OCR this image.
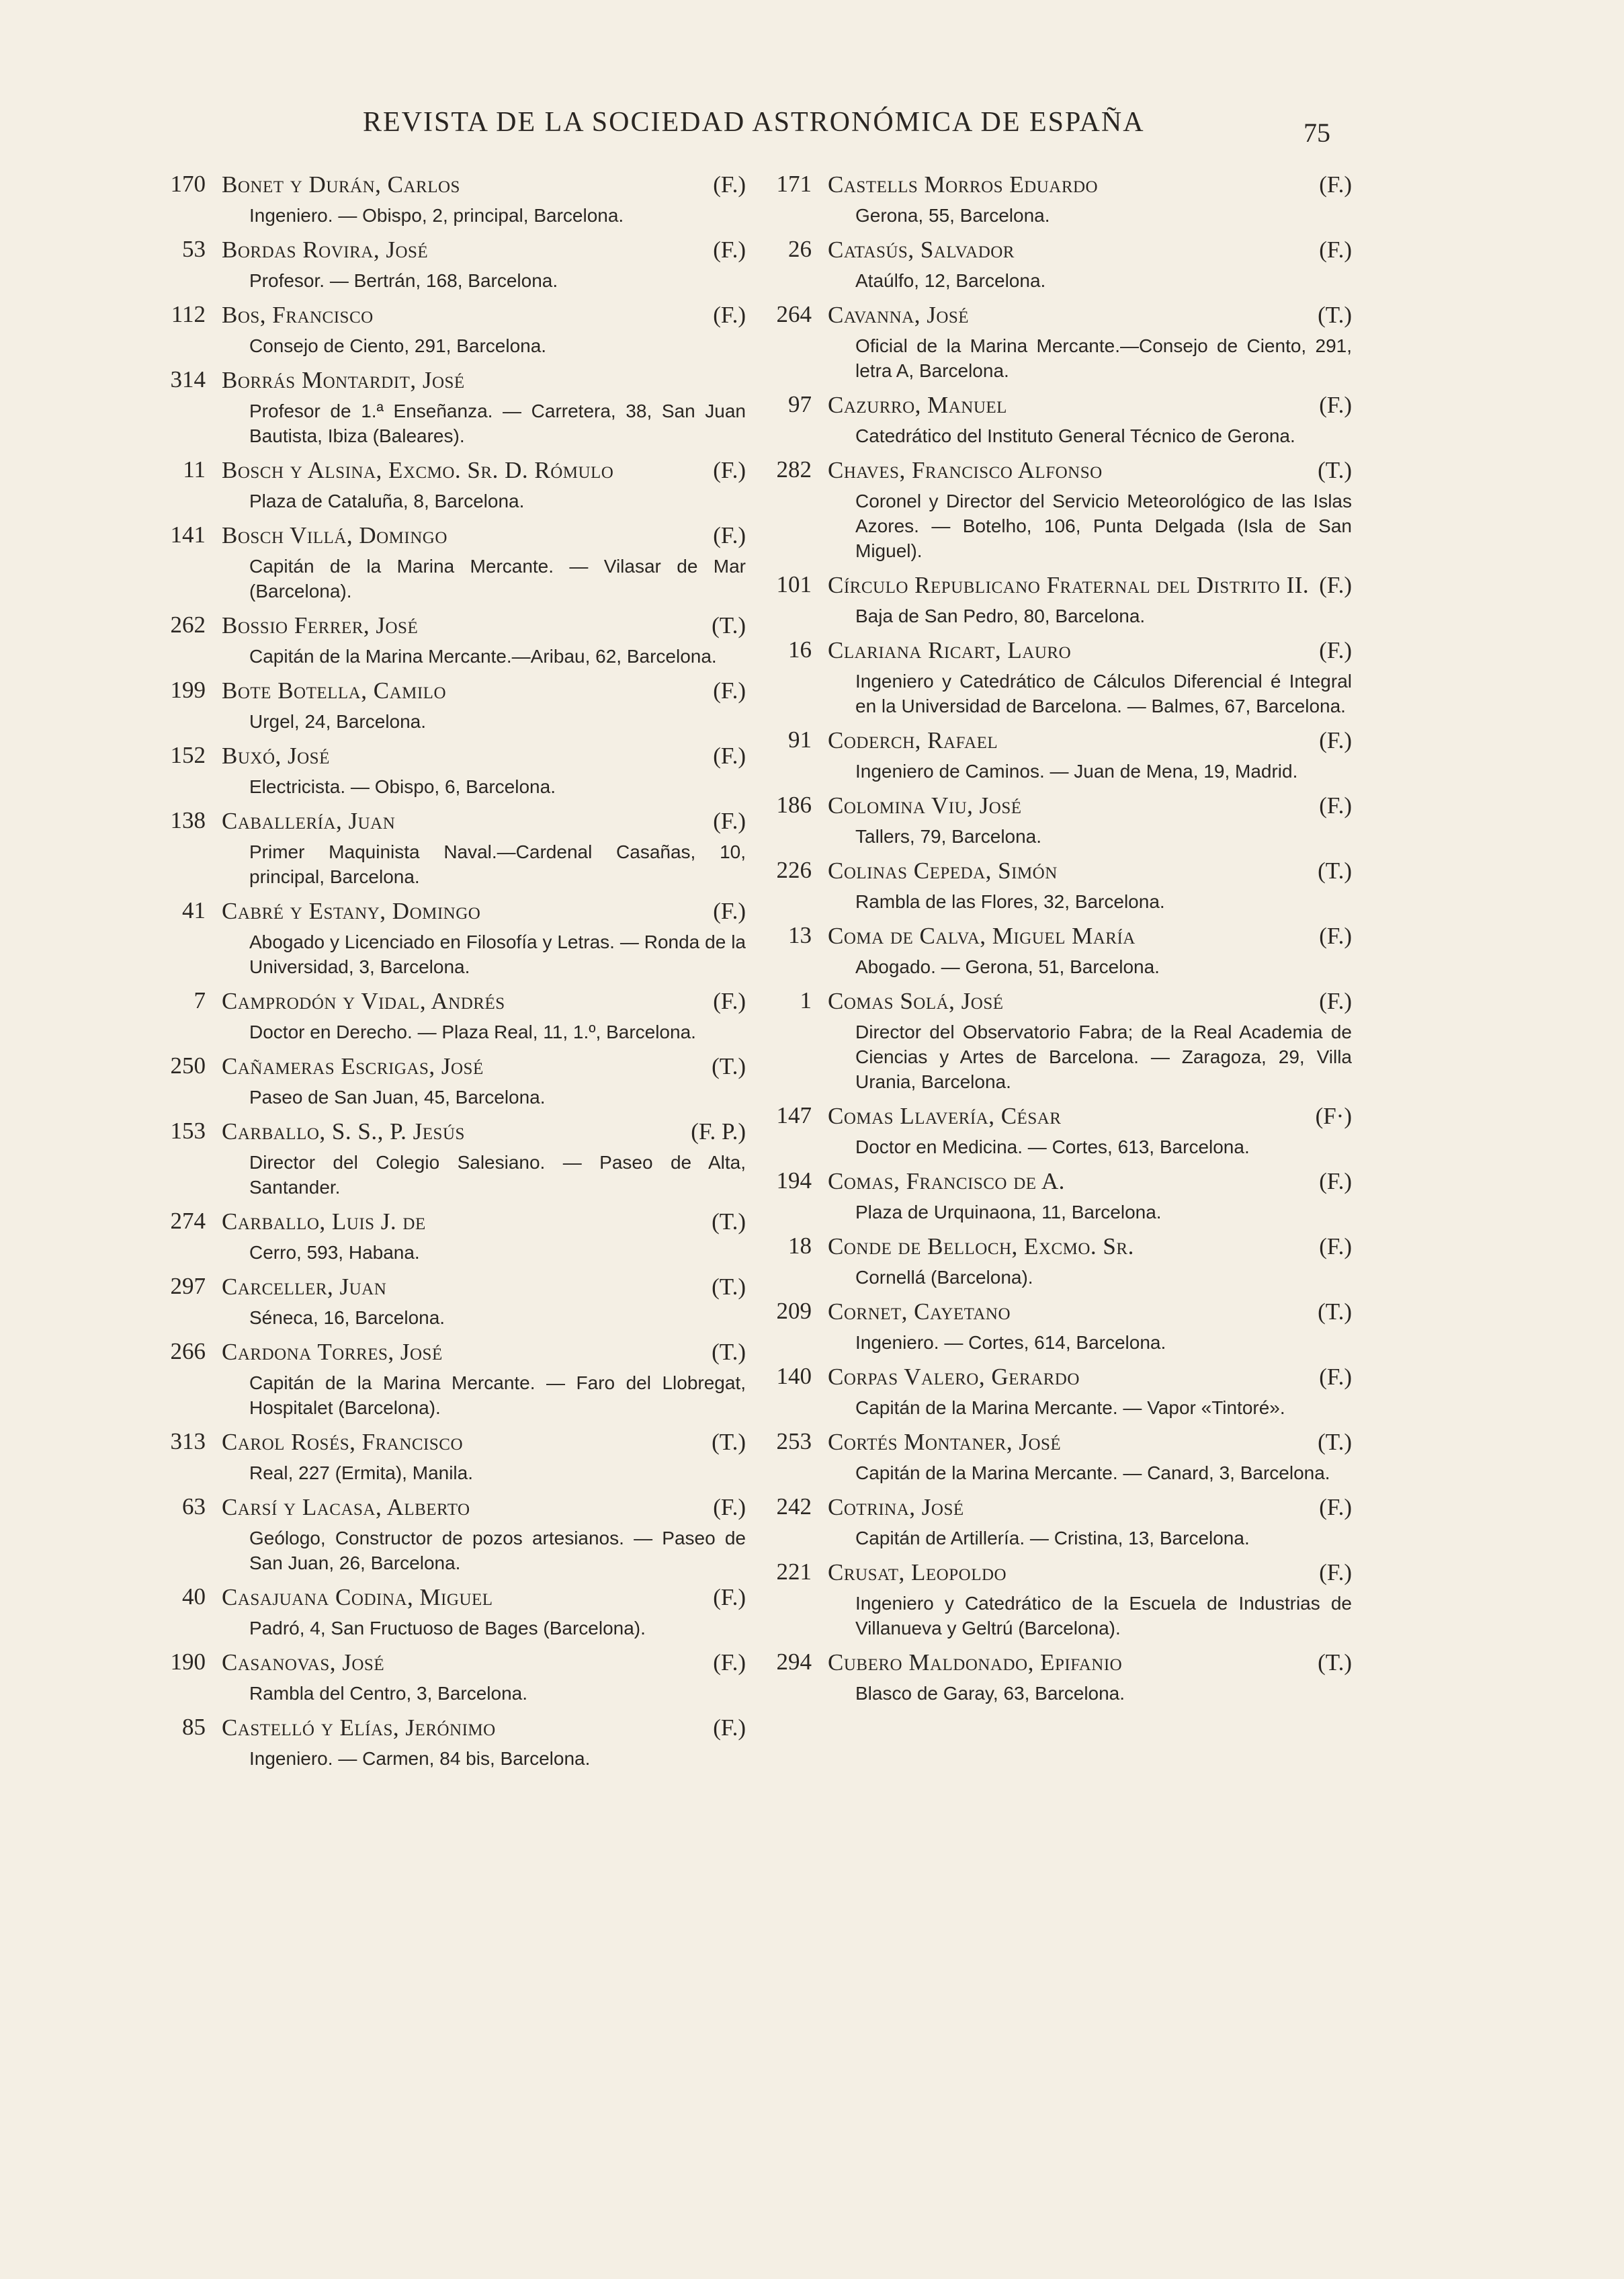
REVISTA DE LA SOCIEDAD ASTRONÓMICA DE ESPAÑA	75
170 Bonet y Durán, Carlos	(F.)
Ingeniero. — Obispo, 2, principal, Barcelona.
53 Bordas Rovira, José	(F.)
Profesor. — Bertrán, 168, Barcelona.
112 Bos, Francisco	(F.)
Consejo de Ciento, 291, Barcelona.
314 Borrás Montardit, José
Profesor de 1.ª Enseñanza. — Carretera, 38, San Juan Bautista, Ibiza (Baleares).
11 Bosch y Alsina, Excmo. Sr. D. Rómulo	(F.)
Plaza de Cataluña, 8, Barcelona.
141 Bosch Villá, Domingo	(F.)
Capitán de la Marina Mercante. — Vilasar de Mar (Barcelona).
262 Bossio Ferrer, José	(T.)
Capitán de la Marina Mercante.—Aribau, 62, Barcelona.
199 Bote Botella, Camilo	(F.)
Urgel, 24, Barcelona.
152 Buxó, José	(F.)
Electricista. — Obispo, 6, Barcelona.
138 Caballería, Juan	(F.)
Primer Maquinista Naval.—Cardenal Casañas, 10, principal, Barcelona.
41 Cabré y Estany, Domingo	(F.)
Abogado y Licenciado en Filosofía y Letras. — Ronda de la Universidad, 3, Barcelona.
7 Camprodón y Vidal, Andrés	(F.)
Doctor en Derecho. — Plaza Real, 11, 1.º, Barcelona.
250 Cañameras Escrigas, José	(T.)
Paseo de San Juan, 45, Barcelona.
153 Carballo, S. S., P. Jesús	(F. P.)
Director del Colegio Salesiano. — Paseo de Alta, Santander.
274 Carballo, Luis J. de	(T.)
Cerro, 593, Habana.
297 Carceller, Juan	(T.)
Séneca, 16, Barcelona.
266 Cardona Torres, José	(T.)
Capitán de la Marina Mercante. — Faro del Llobregat, Hospitalet (Barcelona).
313 Carol Rosés, Francisco	(T.)
Real, 227 (Ermita), Manila.
63 Carsí y Lacasa, Alberto	(F.)
Geólogo, Constructor de pozos artesianos. — Paseo de San Juan, 26, Barcelona.
40 Casajuana Codina, Miguel	(F.)
Padró, 4, San Fructuoso de Bages (Barcelona).
190 Casanovas, José	(F.)
Rambla del Centro, 3, Barcelona.
85 Castelló y Elías, Jerónimo	(F.)
Ingeniero. — Carmen, 84 bis, Barcelona.
171 Castells Morros Eduardo	(F.)
Gerona, 55, Barcelona.
26 Catasús, Salvador	(F.)
Ataúlfo, 12, Barcelona.
264 Cavanna, José	(T.)
Oficial de la Marina Mercante.—Consejo de Ciento, 291, letra A, Barcelona.
97 Cazurro, Manuel	(F.)
Catedrático del Instituto General Técnico de Gerona.
282 Chaves, Francisco Alfonso	(T.)
Coronel y Director del Servicio Meteorológico de las Islas Azores. — Botelho, 106, Punta Delgada (Isla de San Miguel).
101 Círculo Republicano Fraternal del Distrito II. (F.)
Baja de San Pedro, 80, Barcelona.
16 Clariana Ricart, Lauro	(F.)
Ingeniero y Catedrático de Cálculos Diferencial é Integral en la Universidad de Barcelona. — Balmes, 67, Barcelona.
91 Coderch, Rafael	(F.)
Ingeniero de Caminos. — Juan de Mena, 19, Madrid.
186 Colomina Viu, José	(F.)
Tallers, 79, Barcelona.
226 Colinas Cepeda, Simón	(T.)
Rambla de las Flores, 32, Barcelona.
13 Coma de Calva, Miguel María	(F.)
Abogado. — Gerona, 51, Barcelona.
1 Comas Solá, José	(F.)
Director del Observatorio Fabra; de la Real Academia de Ciencias y Artes de Barcelona. — Zaragoza, 29, Villa Urania, Barcelona.
147 Comas Llavería, César	(F·)
Doctor en Medicina. — Cortes, 613, Barcelona.
194 Comas, Francisco de A.	(F.)
Plaza de Urquinaona, 11, Barcelona.
18 Conde de Belloch, Excmo. Sr.	(F.)
Cornellá (Barcelona).
209 Cornet, Cayetano	(T.)
Ingeniero. — Cortes, 614, Barcelona.
140 Corpas Valero, Gerardo	(F.)
Capitán de la Marina Mercante. — Vapor «Tintoré».
253 Cortés Montaner, José	(T.)
Capitán de la Marina Mercante. — Canard, 3, Barcelona.
242 Cotrina, José	(F.)
Capitán de Artillería. — Cristina, 13, Barcelona.
221 Crusat, Leopoldo	(F.)
Ingeniero y Catedrático de la Escuela de Industrias de Villanueva y Geltrú (Barcelona).
294 Cubero Maldonado, Epifanio	(T.)
Blasco de Garay, 63, Barcelona.
